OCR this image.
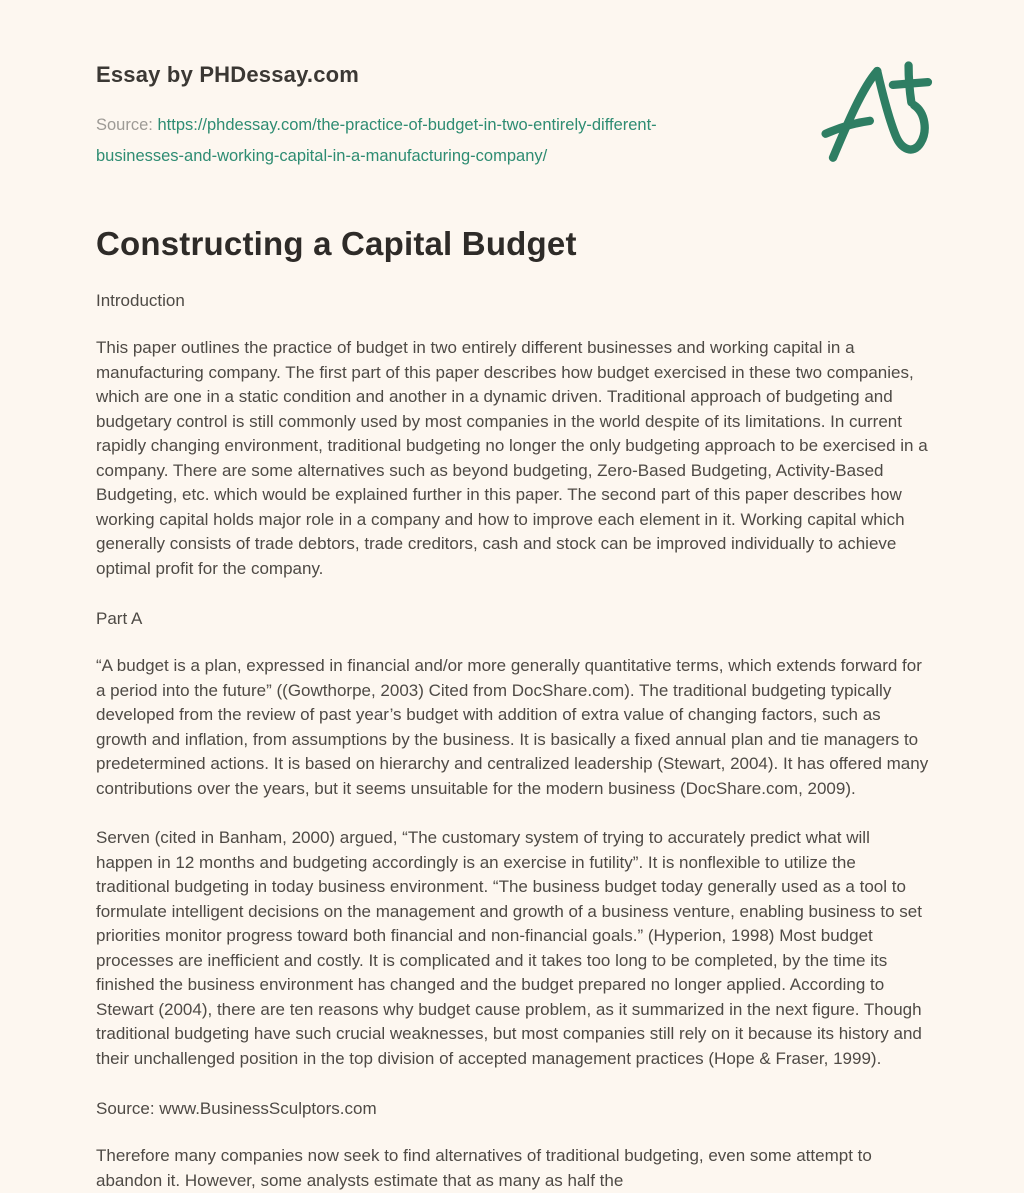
Essay by PHDessay.com
Source: https://phdessay.com/the-practice-of-budget-in-two-entirely-different-businesses-and-working-capital-in-a-manufacturing-company/
Constructing a Capital Budget
Introduction

This paper outlines the practice of budget in two entirely different businesses and working capital in a manufacturing company. The first part of this paper describes how budget exercised in these two companies, which are one in a static condition and another in a dynamic driven. Traditional approach of budgeting and budgetary control is still commonly used by most companies in the world despite of its limitations. In current rapidly changing environment, traditional budgeting no longer the only budgeting approach to be exercised in a company. There are some alternatives such as beyond budgeting, Zero-Based Budgeting, Activity-Based Budgeting, etc. which would be explained further in this paper. The second part of this paper describes how working capital holds major role in a company and how to improve each element in it. Working capital which generally consists of trade debtors, trade creditors, cash and stock can be improved individually to achieve optimal profit for the company.

Part A

“A budget is a plan, expressed in financial and/or more generally quantitative terms, which extends forward for a period into the future” ((Gowthorpe, 2003) Cited from DocShare.com). The traditional budgeting typically developed from the review of past year’s budget with addition of extra value of changing factors, such as growth and inflation, from assumptions by the business. It is basically a fixed annual plan and tie managers to predetermined actions. It is based on hierarchy and centralized leadership (Stewart, 2004). It has offered many contributions over the years, but it seems unsuitable for the modern business (DocShare.com, 2009).

Serven (cited in Banham, 2000) argued, “The customary system of trying to accurately predict what will happen in 12 months and budgeting accordingly is an exercise in futility”. It is nonflexible to utilize the traditional budgeting in today business environment. “The business budget today generally used as a tool to formulate intelligent decisions on the management and growth of a business venture, enabling business to set priorities monitor progress toward both financial and non-financial goals.” (Hyperion, 1998) Most budget processes are inefficient and costly. It is complicated and it takes too long to be completed, by the time its finished the business environment has changed and the budget prepared no longer applied. According to Stewart (2004), there are ten reasons why budget cause problem, as it summarized in the next figure. Though traditional budgeting have such crucial weaknesses, but most companies still rely on it because its history and their unchallenged position in the top division of accepted management practices (Hope & Fraser, 1999).

Source: www.BusinessSculptors.com

Therefore many companies now seek to find alternatives of traditional budgeting, even some attempt to abandon it. However, some analysts estimate that as many as half the
